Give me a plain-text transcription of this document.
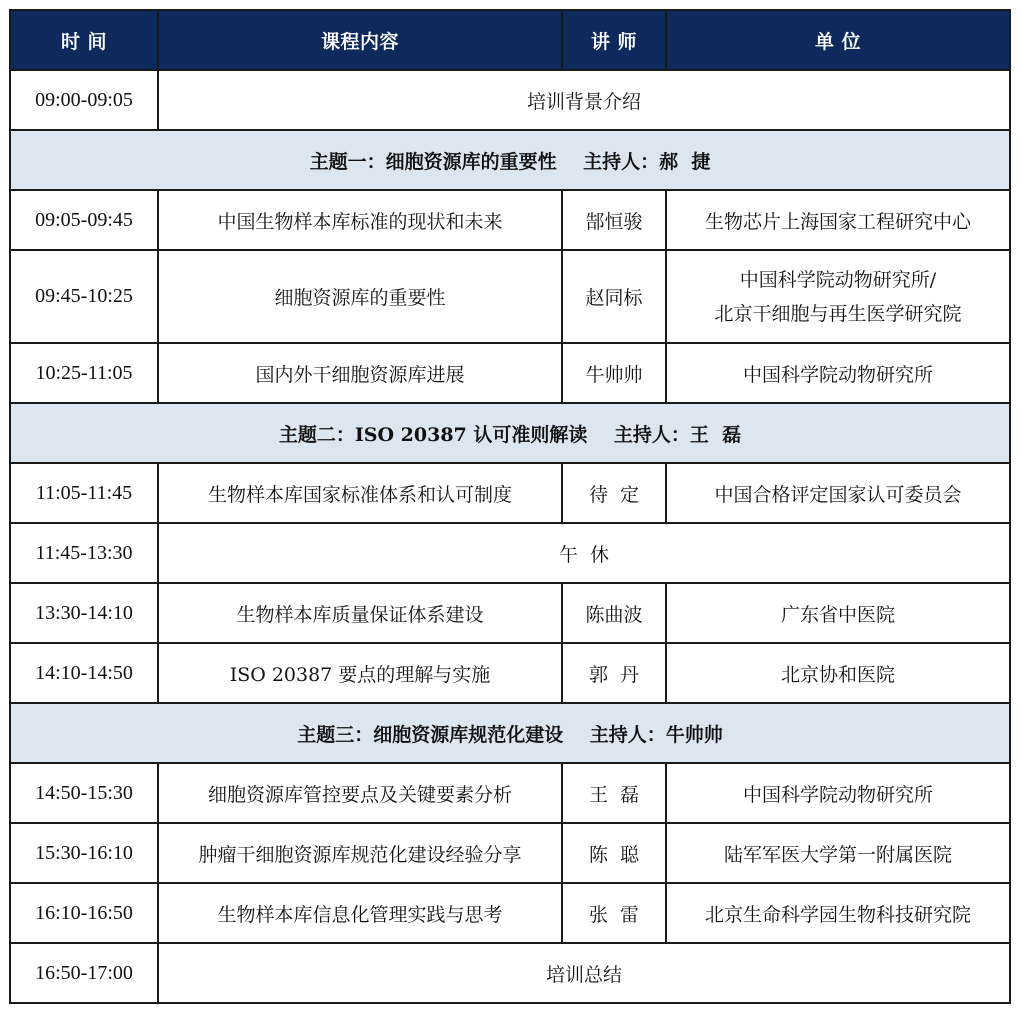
时 间	课程内容	讲 师	单 位
09:00-09:05	培训背景介绍		
主题一：细胞资源库的重要性    主持人：郝  捷			
09:05-09:45	中国生物样本库标准的现状和未来	郜恒骏	生物芯片上海国家工程研究中心
09:45-10:25	细胞资源库的重要性	赵同标	中国科学院动物研究所/
北京干细胞与再生医学研究院

10:25-11:05	国内外干细胞资源库进展	牛帅帅	中国科学院动物研究所
主题二：ISO 20387 认可准则解读    主持人：王  磊			
11:05-11:45	生物样本库国家标准体系和认可制度	待  定	中国合格评定国家认可委员会
11:45-13:30	午  休		
13:30-14:10	生物样本库质量保证体系建设	陈曲波	广东省中医院
14:10-14:50	ISO 20387 要点的理解与实施	郭  丹	北京协和医院
主题三：细胞资源库规范化建设    主持人：牛帅帅			
14:50-15:30	细胞资源库管控要点及关键要素分析	王  磊	中国科学院动物研究所
15:30-16:10	肿瘤干细胞资源库规范化建设经验分享	陈  聪	陆军军医大学第一附属医院
16:10-16:50	生物样本库信息化管理实践与思考	张  雷	北京生命科学园生物科技研究院
16:50-17:00	培训总结		
